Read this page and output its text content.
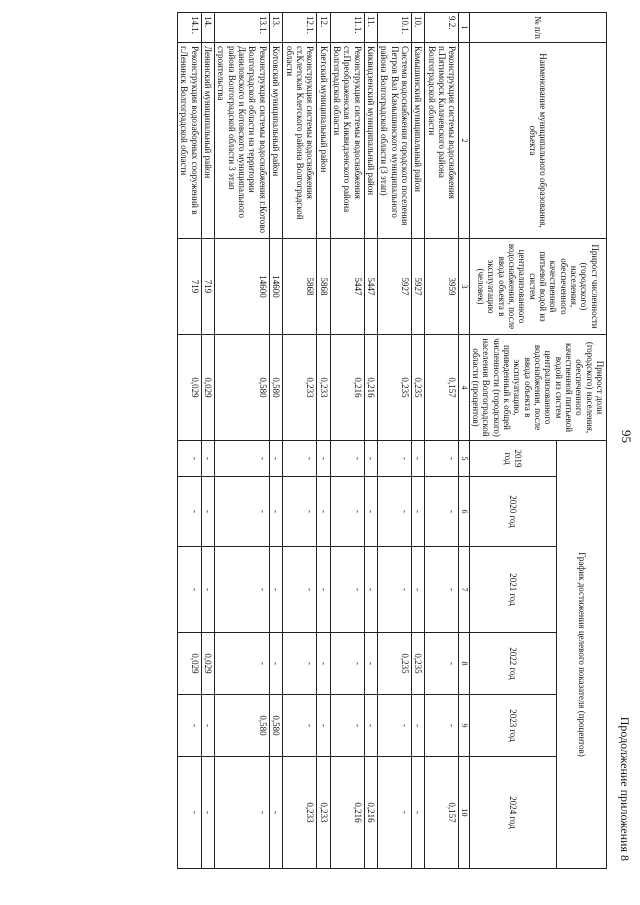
Продолжение приложения 8
95
№ п/п	Наименование муниципального образования, объекта	Прирост численности (городского) населения, обеспеченного качественной питьевой водой из систем централизованного водоснабжения, после ввода объекта в эксплуатацию (человек)	Прирост доли (городского) населения, обеспеченного качественной питьевой водой из систем централизованного водоснабжения, после ввода объекта в эксплуатацию, приведенный к общей численности (городского) населения Волгоградской области (процентов)	График достижения целевого показателя (процентов)					
				2019 год	2020 год	2021 год	2022 год	2023 год	2024 год
1	2	3	4	5	6	7	8	9	10
9.2.	Реконструкция системы водоснабжения п.Пятиморск Калачевского района Волгоградской области	3959	0,157	-	-	-	-	-	0,157
10.	Камышинский муниципальный район	5927	0,235	-	-	-	0,235	-	-
10.1.	Система водоснабжения городского поселения Петров Вал Камышинского муниципального района Волгоградской области (3 этап)	5927	0,235	-	-	-	0,235	-	-
11.	Киквидзенский муниципальный район	5447	0,216	-	-	-	-	-	0,216
11.1.	Реконструкция системы водоснабжения ст.Преображенская Киквидзенского района Волгоградской области	5447	0,216	-	-	-	-	-	0,216
12.	Клетский муниципальный район	5868	0,233	-	-	-	-	-	0,233
12.1.	Реконструкция системы водоснабжения ст.Клетская Клетского района Волгоградской области	5868	0,233	-	-	-	-	-	0,233
13.	Котовский муниципальный район	14600	0,580	-	-	-	-	0,580	-
13.1.	Реконструкция системы водоснабжения г.Котово Волгоградской области на территории Даниловского и Котовского муниципального района Волгоградской области 3 этап строительства	14600	0,580	-	-	-	-	0,580	-
14.	Ленинский муниципальный район	719	0,029	-	-	-	0,029	-	-
14.1.	Реконструкция водозаборных сооружений в г.Ленинск Волгоградской области	719	0,029	-	-	-	0,029	-	-
